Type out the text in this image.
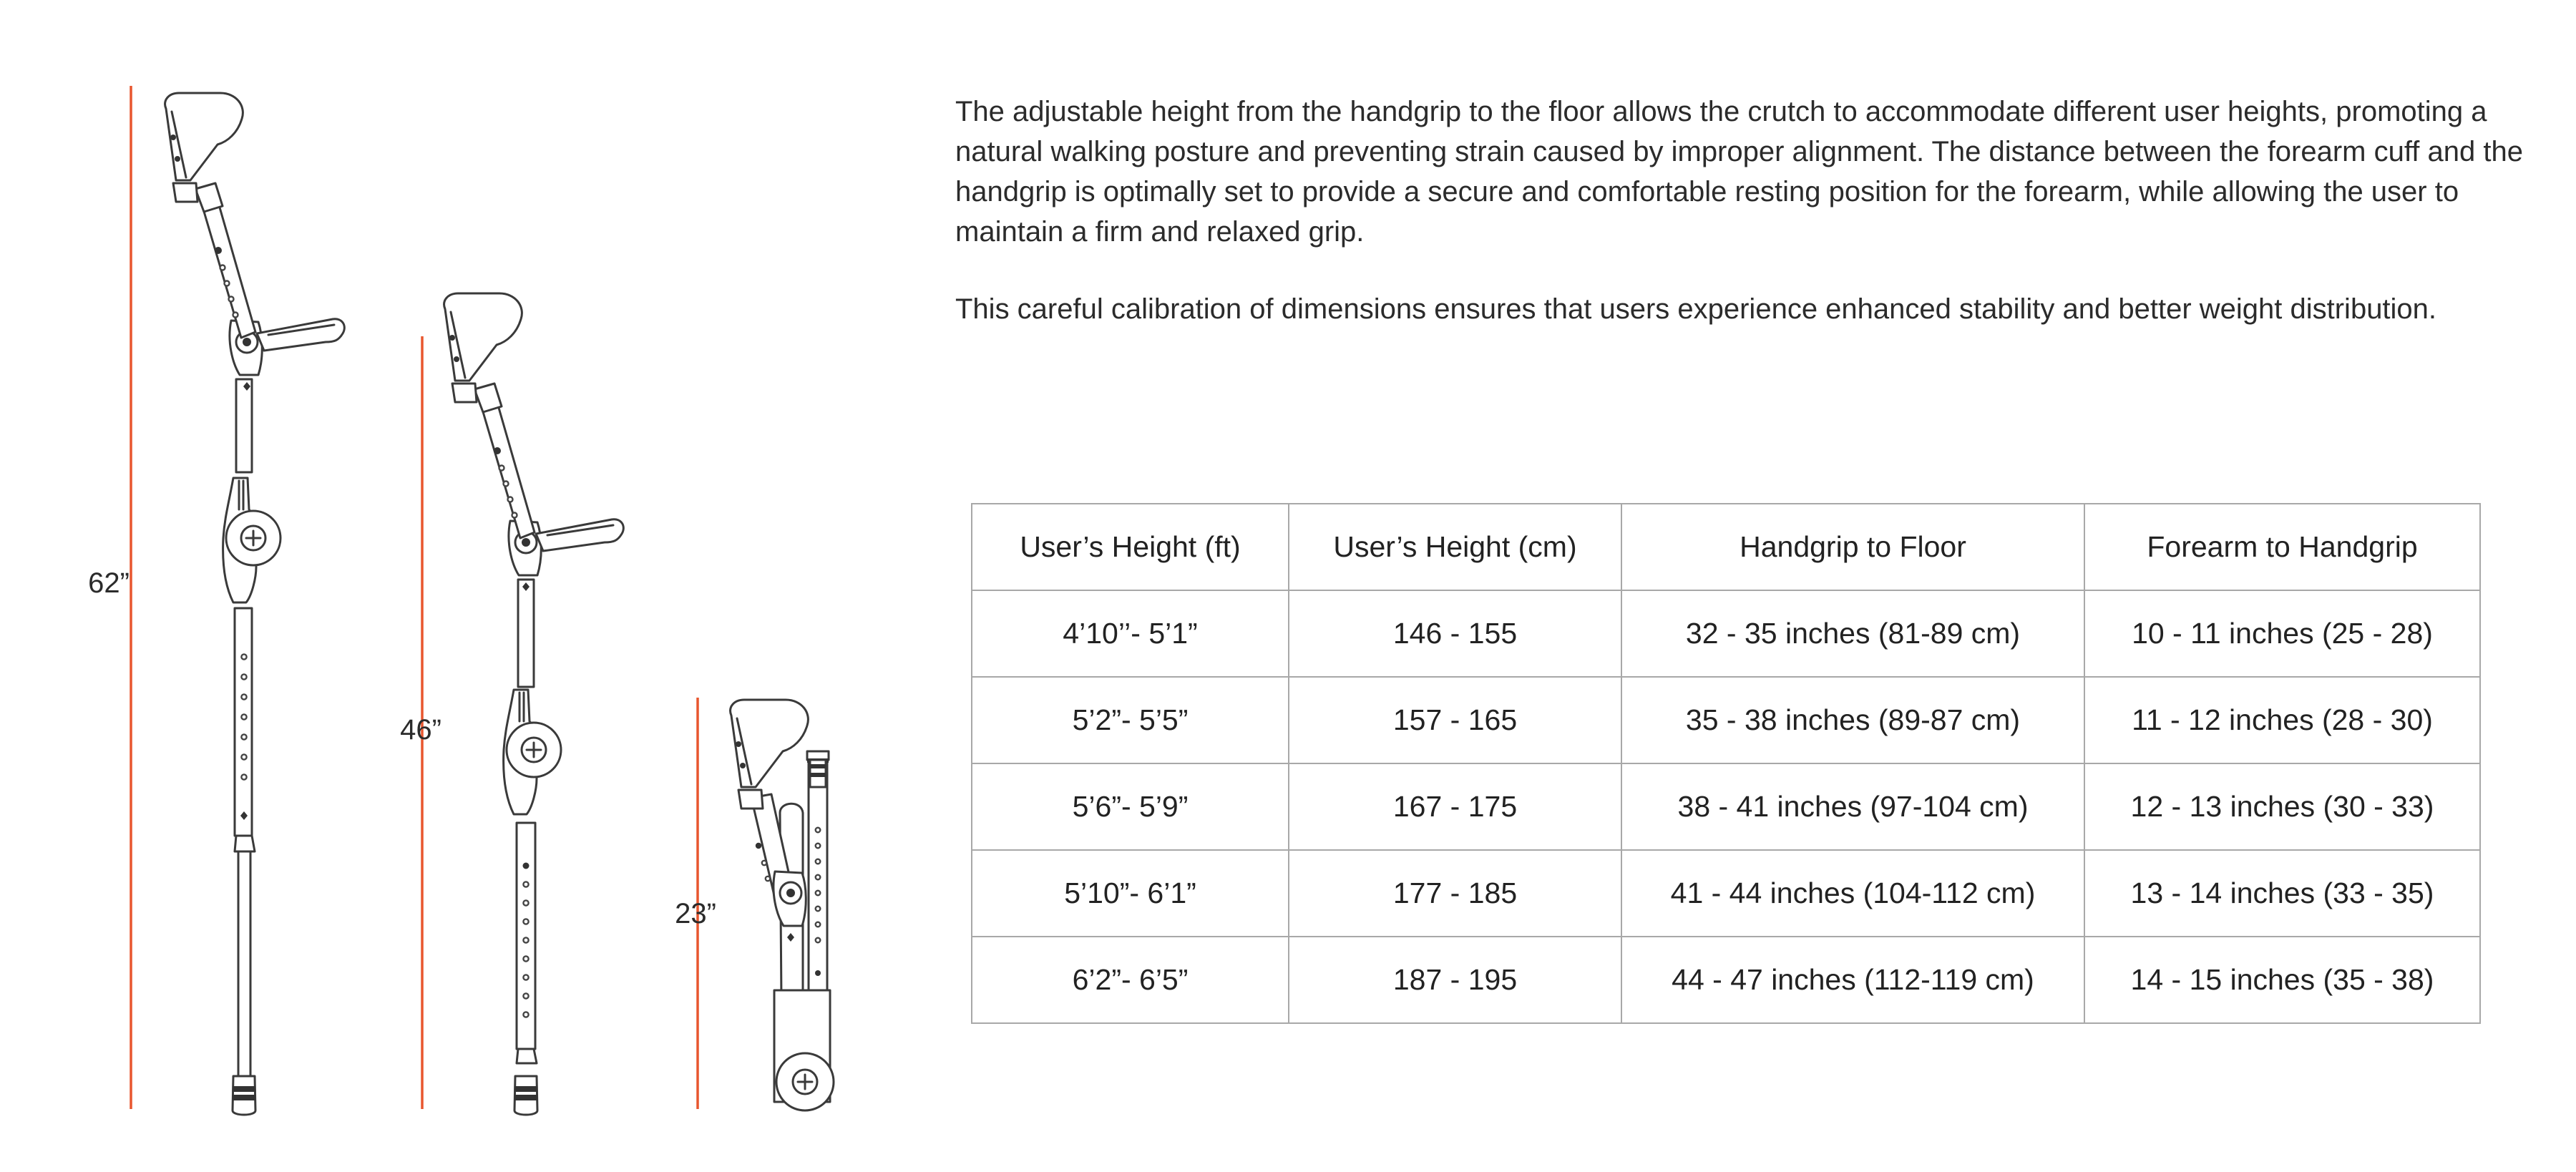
62”
46”
23”

The adjustable height from the handgrip to the floor allows the crutch to accommodate different user heights, promoting a natural walking posture and preventing strain caused by improper alignment. The distance between the forearm cuff and the handgrip is optimally set to provide a secure and comfortable resting position for the forearm, while allowing the user to maintain a firm and relaxed grip.

This careful calibration of dimensions ensures that users experience enhanced stability and better weight distribution.

User’s Height (ft)	User’s Height (cm)	Handgrip to Floor	Forearm to Handgrip
4’10’’- 5’1”	146 - 155	32 - 35 inches (81-89 cm)	10 - 11 inches (25 - 28)
5’2”- 5’5”	157 - 165	35 - 38 inches (89-87 cm)	11 - 12 inches (28 - 30)
5’6”- 5’9”	167 - 175	38 - 41 inches (97-104 cm)	12 - 13 inches (30 - 33)
5’10”- 6’1”	177 - 185	41 - 44 inches (104-112 cm)	13 - 14 inches (33 - 35)
6’2”- 6’5”	187 - 195	44 - 47 inches (112-119 cm)	14 - 15 inches (35 - 38)
